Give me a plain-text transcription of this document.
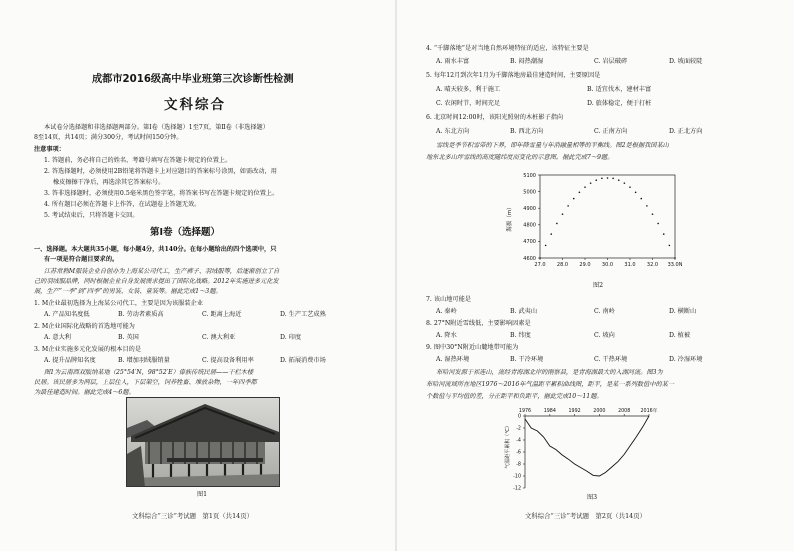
成都市2016级高中毕业班第三次诊断性检测
文科综合
本试卷分选择题和非选择题两部分。第Ⅰ卷（选择题）1至7页，第Ⅱ卷（非选择题）
8至14页，共14页；满分300分，考试时间150分钟。
注意事项：
1. 答题前，务必将自己的姓名、考籍号填写在答题卡规定的位置上。
2. 答选择题时，必须使用2B铅笔将答题卡上对应题目的答案标号涂黑，如需改动，用
橡皮擦擦干净后，再选涂其它答案标号。
3. 答非选择题时，必须使用0.5毫米黑色签字笔，将答案书写在答题卡规定的位置上。
4. 所有题目必须在答题卡上作答，在试题卷上答题无效。
5. 考试结束后，只将答题卡交回。
第Ⅰ卷（选择题）
一、选择题。本大题共35小题，每小题4分，共140分。在每小题给出的四个选项中，只
有一项是符合题目要求的。
江苏常熟M服装企业自创办为上海某公司代工，生产裤子、羽绒服等，后逐渐创立了自
己的羽绒服品牌，同时根据企业自身发展需求提出了国际化战略。2012年实施进多元化发
展，生产“一季”到“四季”的男装、女装、童装等。据此完成1～3题。
1. M企业最初选择为上海某公司代工，主要是因为该服装企业
A. 产品知名度低	B. 劳动者素质高	C. 距离上海近	D. 生产工艺成熟
2. M企业国际化战略的首选地可能为
A. 意大利	B. 英国	C. 澳大利亚	D. 印度
3. M企业实施多元化发展的根本目的是
A. 提升品牌知名度	B. 增加羽绒服销量	C. 提高设备利用率	D. 拓展消费市场
图1为云南西双版纳某地（25°54′N，98°52′E）傣族传统民居——干栏木楼
民居。该民居多为两层，上层住人，下层架空，饲养牲畜、堆放杂物，一年四季都
为最佳建造时间。据此完成4～6题。
图1
文科综合“三诊”考试题　第1页（共14页）
4. “千脚落地”是对当地自然环境特征的适应，该特征主要是
A. 雨水丰富	B. 闷热潮湿	C. 岩层破碎	D. 坡面较陡
5. 每年12月到次年1月为千脚落地房最佳建造时间，主要原因是
A. 晴天较多，利于施工	B. 适宜伐木，建材丰富
C. 农闲时节，时间充足	D. 旅体稳定，便于打桩
6. 北京时间12:00时，该阳光照射的木桩影子指向
A. 东北方向	B. 西北方向	C. 正南方向	D. 正北方向
雪线是季节积雪带的下界，即年降雪量与年消融量相等的平衡线。图2是根据我国某山
地东北多山坪雪线的高度随纬度而变化的示意图。据此完成7～9题。
4600
4700
4800
4900
5000
5100
27.0 28.0 29.0 30.0 31.0 32.0 33.0N
海拔（m）
图2
7. 该山地可能是
A. 秦岭	B. 武夷山	C. 南岭	D. 横断山
8. 27°N附近雪线低，主要影响因素是
A. 降水	B. 纬度	C. 坡向	D. 植被
9. 图中30°N附近山麓地带可能为
A. 湿热环境	B. 干冷环境	C. 干热环境	D. 冷湿环境
布哈河发源于祁连山，流经青海湖北岸的刚察县，是青海湖最大的入湖河流。图3为
布哈河流域所在地区1976～2016年气温距平累积曲线图，距平，是某一系列数值中的某一
个数值与平均值的差，分正距平和负距平，据此完成10～11题。
1976	1984	1992	2000	2008 2016年
0
-2
-4
-6
-8
-10
-12
气温距平累积（℃）
图3
文科综合“三诊”考试题　第2页（共14页）
